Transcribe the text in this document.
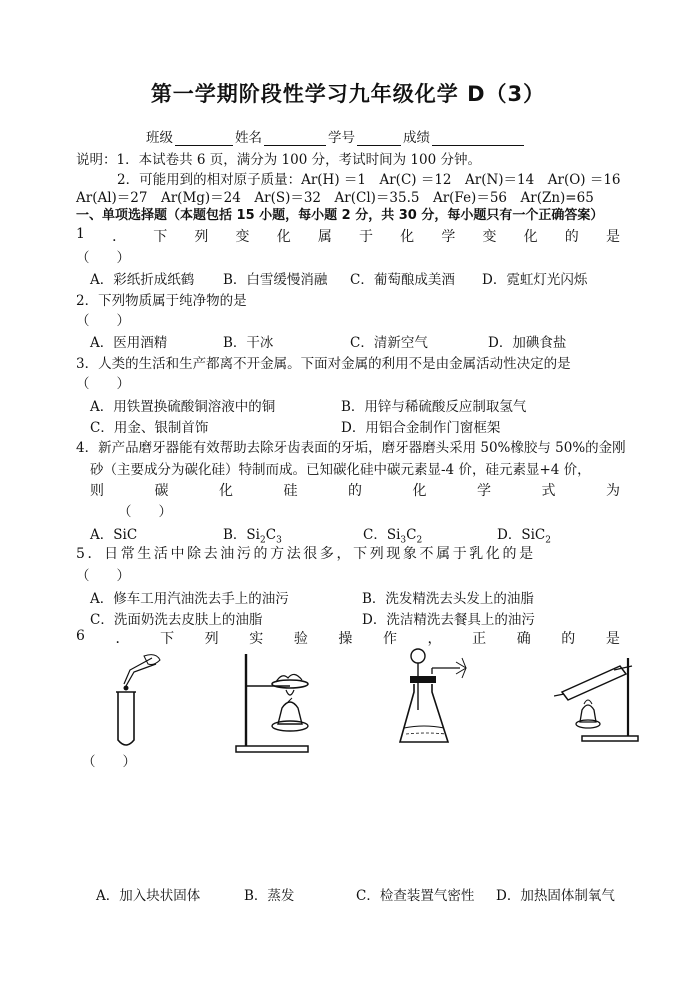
第一学期阶段性学习九年级化学 D（3）
班级	姓名	学号	成绩
说明：1．本试卷共 6 页，满分为 100 分，考试时间为 100 分钟。
2．可能用到的相对原子质量：Ar(H) ＝1　Ar(C) ＝12　Ar(N)＝14　Ar(O) ＝16
Ar(Al)＝27　Ar(Mg)＝24　Ar(S)＝32　Ar(Cl)＝35.5　Ar(Fe)＝56　Ar(Zn)=65
一、单项选择题（本题包括 15 小题，每小题 2 分，共 30 分，每小题只有一个正确答案）
1 ． 下 列 变 化 属 于 化 学 变 化 的 是
（　　）
A．彩纸折成纸鹤 B．白雪缓慢消融 C．葡萄酿成美酒 D．霓虹灯光闪烁
2．下列物质属于纯净物的是
（　　）
A．医用酒精	B．干冰	C．清新空气	D．加碘食盐
3．人类的生活和生产都离不开金属。下面对金属的利用不是由金属活动性决定的是
（　　）
A．用铁置换硫酸铜溶液中的铜	B．用锌与稀硫酸反应制取氢气
C．用金、银制首饰	D．用铝合金制作门窗框架
4．新产品磨牙器能有效帮助去除牙齿表面的牙垢，磨牙器磨头采用 50%橡胶与 50%的金刚
砂（主要成分为碳化硅）特制而成。已知碳化硅中碳元素显-4 价，硅元素显+4 价，
则	碳	化	硅	的	化	学	式	为
（　　）
A．SiC	B．$Si_2C_3$	C．$Si_3C_2$	D．SiC$_2$
5．日常生活中除去油污的方法很多，下列现象不属于乳化的是
（　　）
A．修车工用汽油洗去手上的油污	B．洗发精洗去头发上的油脂
C．洗面奶洗去皮肤上的油脂	D．洗洁精洗去餐具上的油污
6 ． 下 列 实 验 操 作 ， 正 确 的 是
（　　）
A．加入块状固体	B．蒸发	C．检查装置气密性 D．加热固体制氧气
